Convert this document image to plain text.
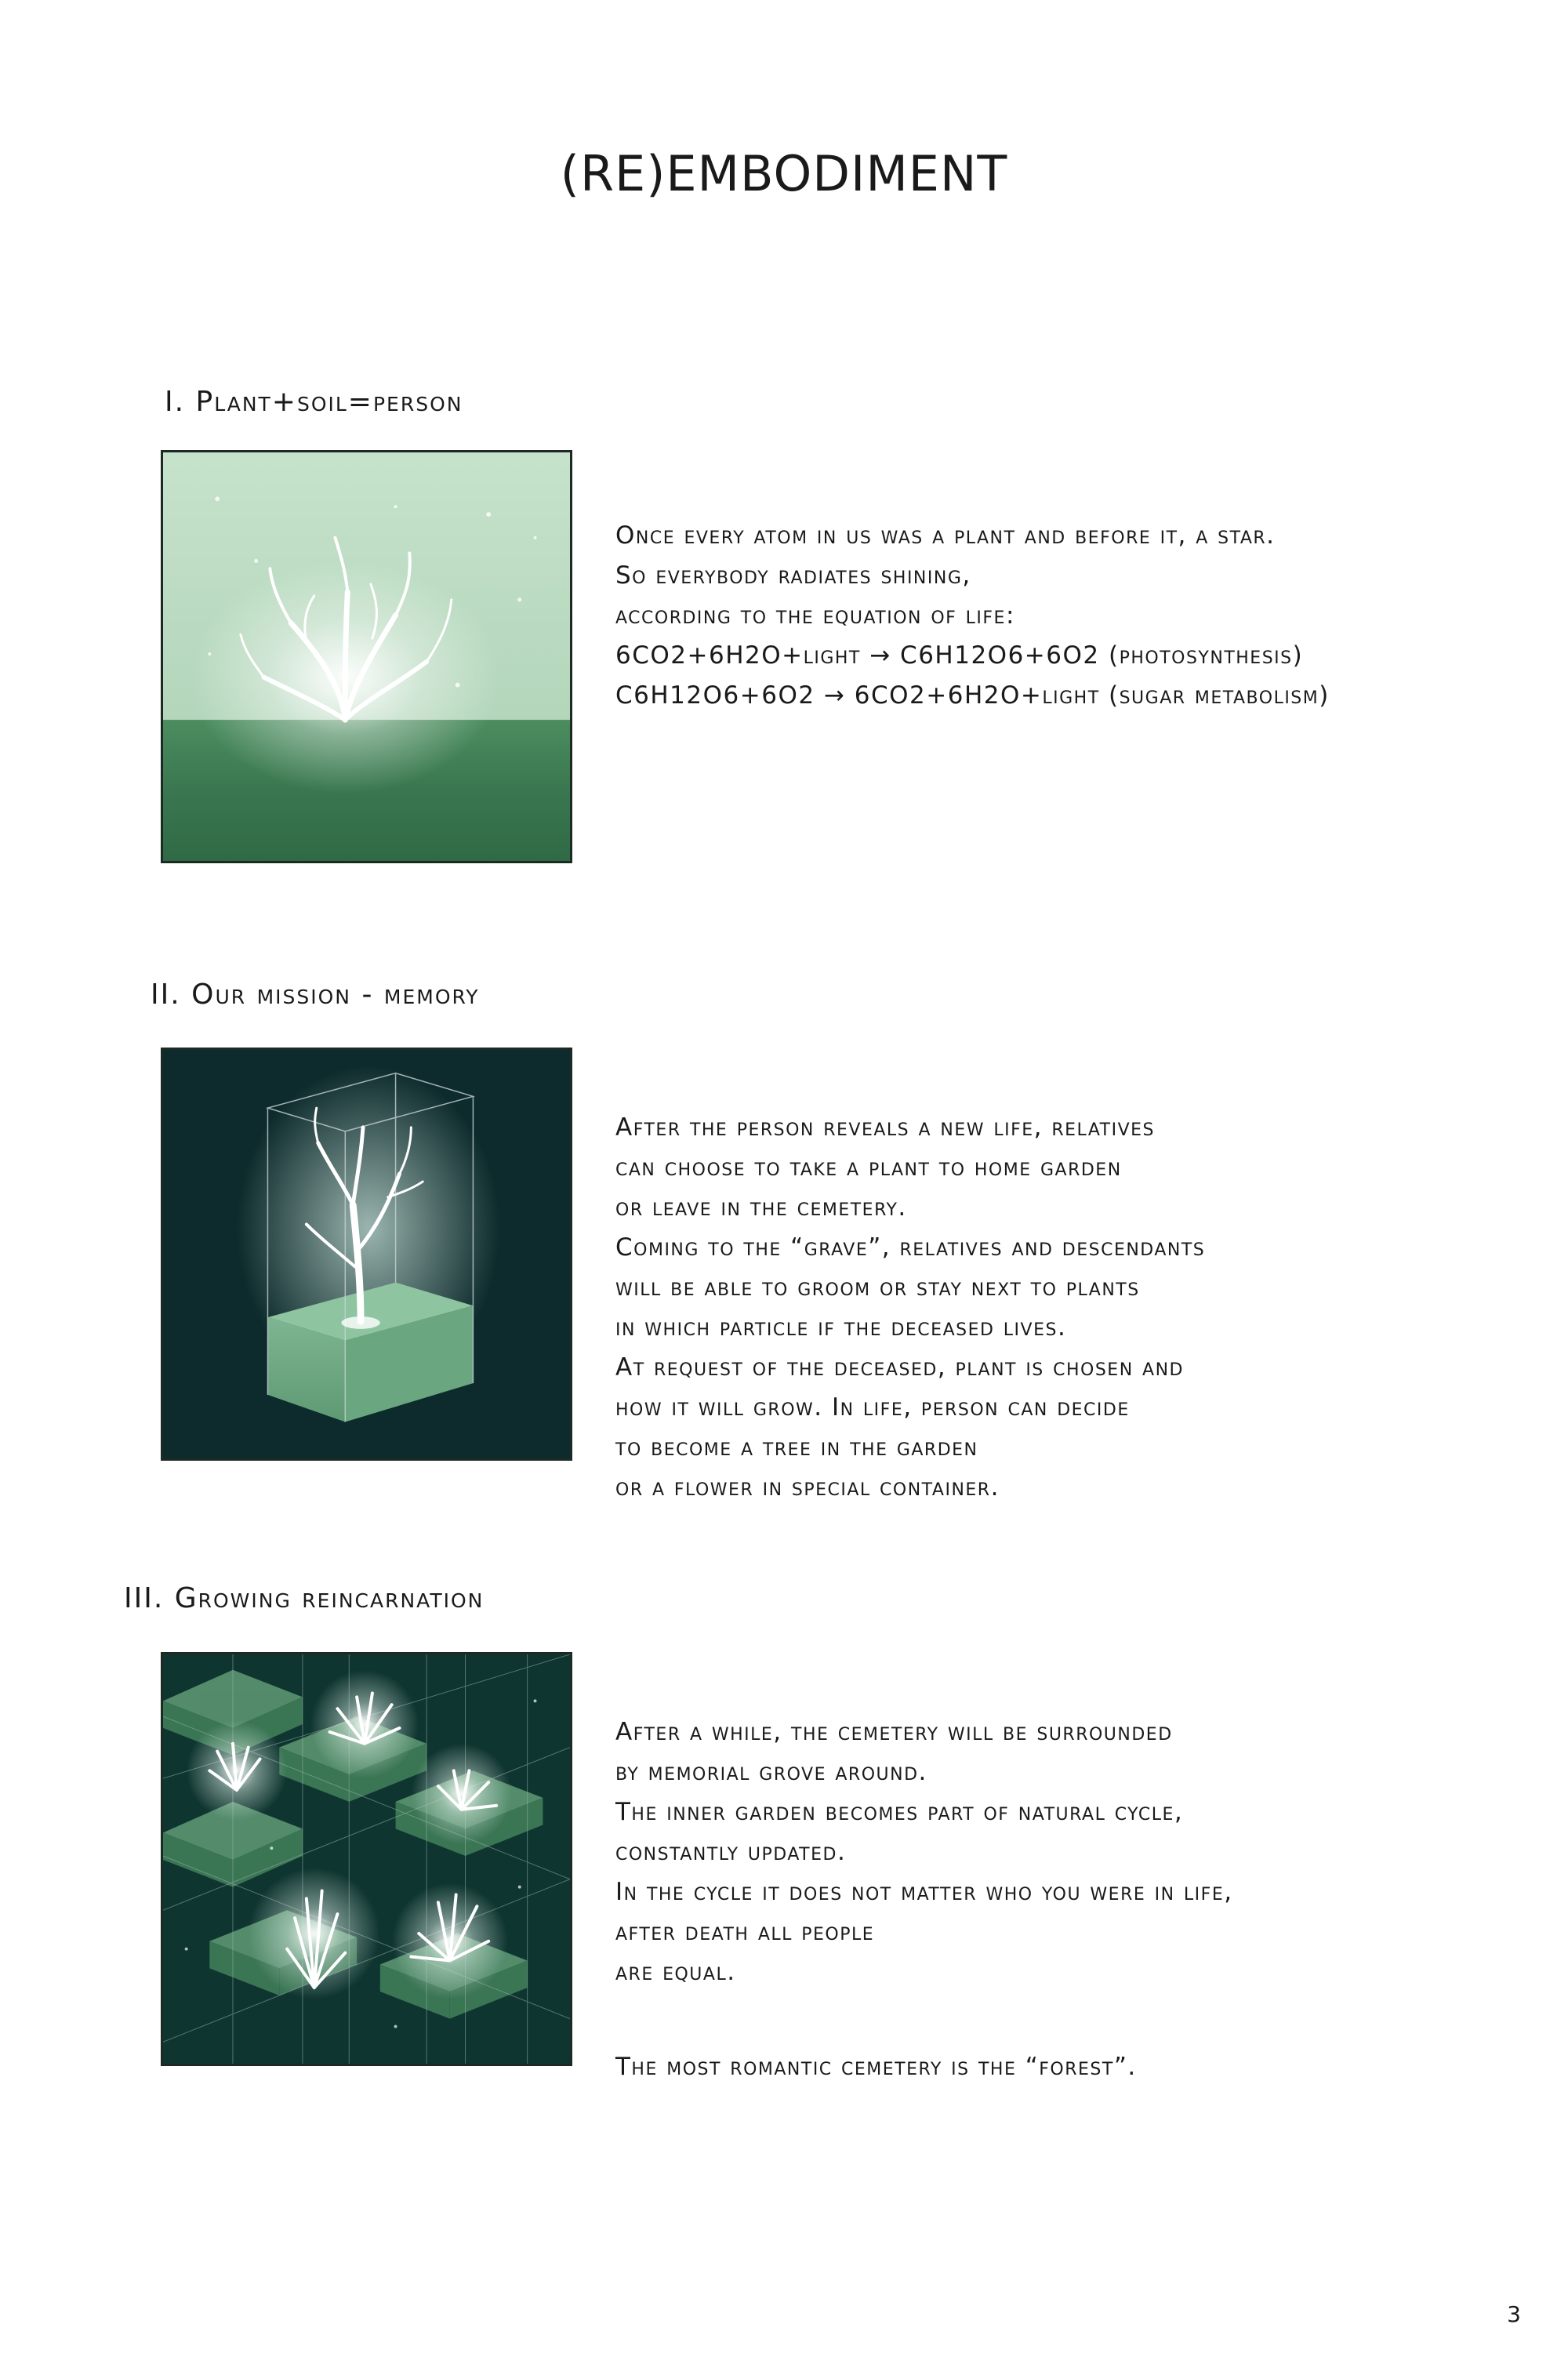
(RE)EMBODIMENT
I. Plant+soil=person
Once every atom in us was a plant and before it, a star.
So everybody radiates shining,
according to the equation of life:
6CO2+6H2O+light → C6H12O6+6O2 (photosynthesis)
C6H12O6+6O2 → 6CO2+6H2O+light (sugar metabolism)
II. Our mission - memory
After the person reveals a new life, relatives
can choose to take a plant to home garden
or leave in the cemetery.
Coming to the “grave”, relatives and descendants
will be able to groom or stay next to plants
in which particle if the deceased lives.
At request of the deceased, plant is chosen and
how it will grow. In life, person can decide
to become a tree in the garden
or a flower in special container.
III. Growing reincarnation
After a while, the cemetery will be surrounded
by memorial grove around.
The inner garden becomes part of natural cycle,
constantly updated.
In the cycle it does not matter who you were in life,
after death all people
are equal.
The most romantic cemetery is the “forest”.
3
